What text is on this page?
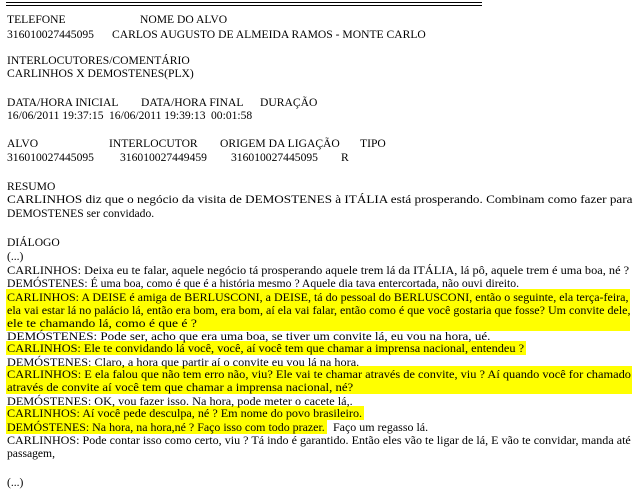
TELEFONE	NOME DO ALVO
316010027445095 CARLOS AUGUSTO DE ALMEIDA RAMOS - MONTE CARLO
INTERLOCUTORES/COMENTÁRIO
CARLINHOS X DEMOSTENES(PLX)
DATA/HORA INICIAL DATA/HORA FINAL DURAÇÃO
16/06/2011 19:37:15 16/06/2011 19:39:13 00:01:58
ALVO	INTERLOCUTOR ORIGEM DA LIGAÇÃO TIPO
316010027445095 316010027449459 316010027445095 R
RESUMO
CARLINHOS diz que o negócio da visita de DEMOSTENES à ITÁLIA está prosperando. Combinam como fazer para
DEMOSTENES ser convidado.
DIÁLOGO
(...)
CARLINHOS: Deixa eu te falar, aquele negócio tá prosperando aquele trem lá da ITÁLIA, lá pô, aquele trem é uma boa, né ?
DEMÓSTENES: É uma boa, como é que é a história mesmo ? Aquele dia tava entercortada, não ouvi direito.
CARLINHOS: A DEISE é amiga de BERLUSCONI, a DEISE, tá do pessoal do BERLUSCONI, então o seguinte, ela terça-feira,
ela vai estar lá no palácio lá, então era bom, era bom, aí ela vai falar, então como é que você gostaria que fosse? Um convite dele,
ele te chamando lá, como é que é ?
DEMÓSTENES: Pode ser, acho que era uma boa, se tiver um convite lá, eu vou na hora, ué.
CARLINHOS: Ele te convidando lá você, você, aí você tem que chamar a imprensa nacional, entendeu ?
DEMÓSTENES: Claro, a hora que partir aí o convite eu vou lá na hora.
CARLINHOS: E ela falou que não tem erro não, viu? Ele vai te chamar através de convite, viu ? Aí quando você for chamado
através de convite aí você tem que chamar a imprensa nacional, né?
DEMÓSTENES: OK, vou fazer isso. Na hora, pode meter o cacete lá,.
CARLINHOS: Aí você pede desculpa, né ? Em nome do povo brasileiro.
DEMÓSTENES: Na hora, na hora,né ? Faço isso com todo prazer. Faço um regasso lá.
CARLINHOS: Pode contar isso como certo, viu ? Tá indo é garantido. Então eles vão te ligar de lá, E vão te convidar, manda até
passagem,
(...)
